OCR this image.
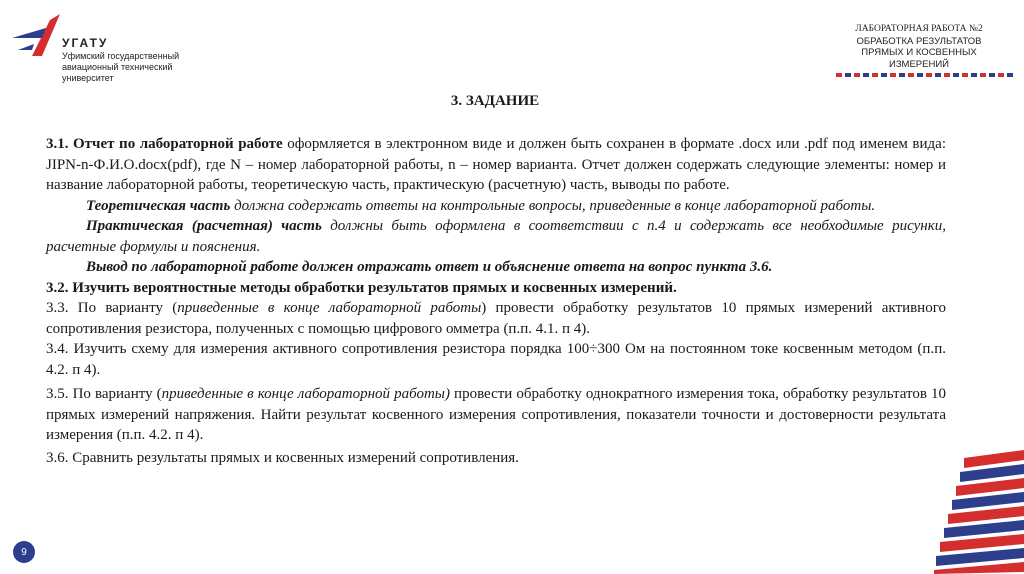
УГАТУ
Уфимский государственный авиационный технический университет
ЛАБОРАТОРНАЯ РАБОТА №2
ОБРАБОТКА РЕЗУЛЬТАТОВ
ПРЯМЫХ И КОСВЕННЫХ
ИЗМЕРЕНИЙ
3. ЗАДАНИЕ

3.1. Отчет по лабораторной работе оформляется в электронном виде и должен быть сохранен в формате .docx или .pdf под именем вида: JIPN-n-Ф.И.О.docx(pdf), где N – номер лабораторной работы, n – номер варианта. Отчет должен содержать следующие элементы: номер и название лабораторной работы, теоретическую часть, практическую (расчетную) часть, выводы по работе.

Теоретическая часть должна содержать ответы на контрольные вопросы, приведенные в конце лабораторной работы.

Практическая (расчетная) часть должны быть оформлена в соответствии с п.4 и содержать все необходимые рисунки, расчетные формулы и пояснения.

Вывод по лабораторной работе должен отражать ответ и объяснение ответа на вопрос пункта 3.6.

3.2. Изучить вероятностные методы обработки результатов прямых и косвенных измерений.

3.3. По варианту (приведенные в конце лабораторной работы) провести обработку результатов 10 прямых измерений активного сопротивления резистора, полученных с помощью цифрового омметра (п.п. 4.1. п 4).

3.4. Изучить схему для измерения активного сопротивления резистора порядка 100÷300 Ом на постоянном токе косвенным методом (п.п. 4.2. п 4).

3.5. По варианту (приведенные в конце лабораторной работы) провести обработку однократного измерения тока, обработку результатов 10 прямых измерений напряжения. Найти результат косвенного измерения сопротивления, показатели точности и достоверности результата измерения (п.п. 4.2. п 4).

3.6. Сравнить результаты прямых и косвенных измерений сопротивления.

9
